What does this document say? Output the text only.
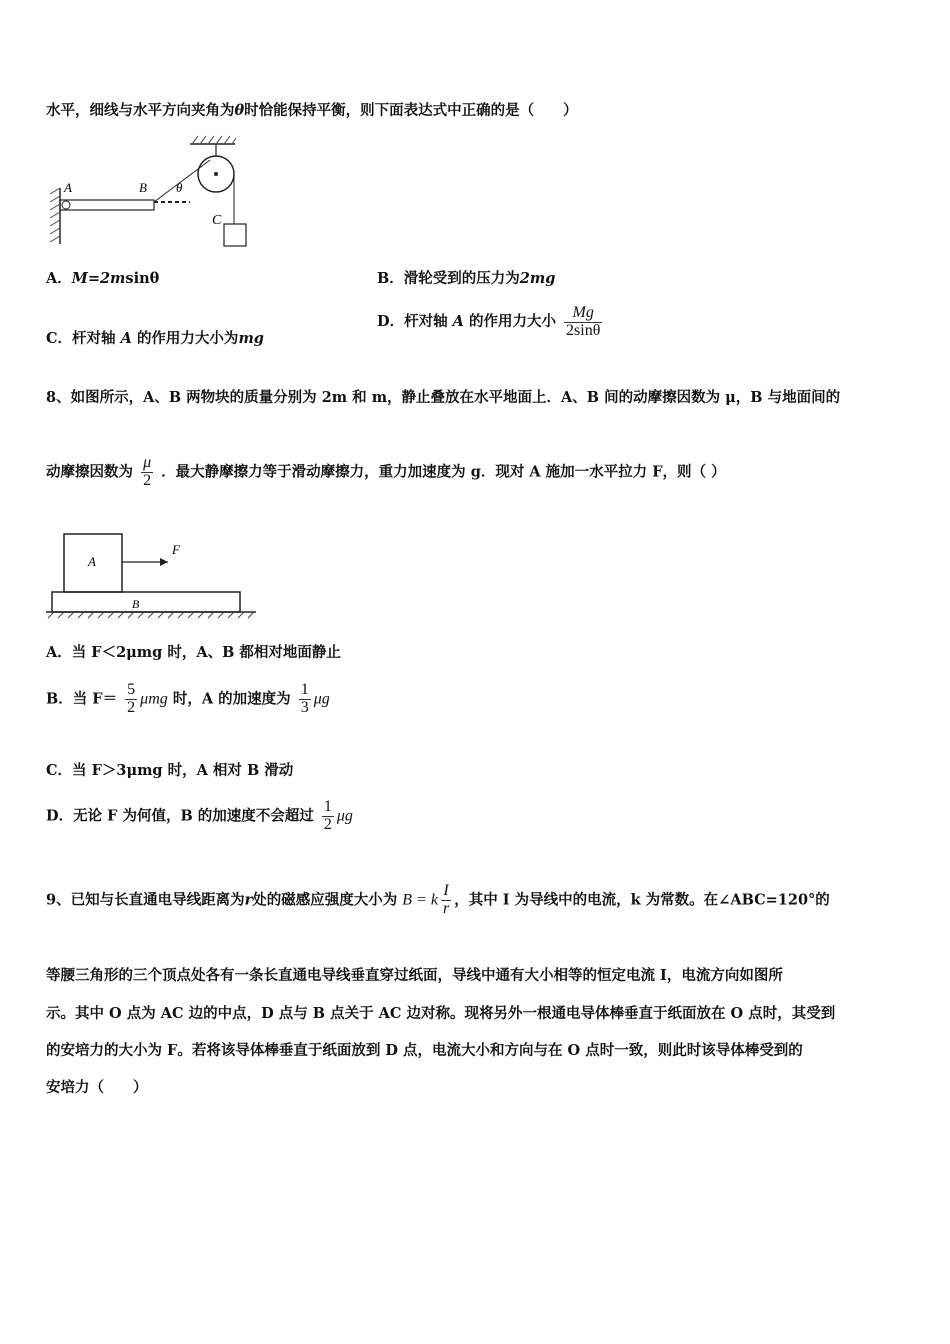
水平，细线与水平方向夹角为θ时恰能保持平衡，则下面表达式中正确的是（　　）
A	B θ
C
A．M=2msinθ	B．滑轮受到的压力为2mg
C．杆对轴 A 的作用力大小为mg
D．杆对轴 A 的作用力大小 $\frac{Mg}{2\sin\theta}$
8、如图所示，A、B 两物块的质量分别为 2m 和 m，静止叠放在水平地面上．A、B 间的动摩擦因数为 μ，B 与地面间的
动摩擦因数为 $\frac{\mu}{2}$ ．最大静摩擦力等于滑动摩擦力，重力加速度为 g．现对 A 施加一水平拉力 F，则（ ）
A
B
F
A．当 F＜2μmg 时，A、B 都相对地面静止
B．当 $F= \frac{5}{2}$ μmg 时，A 的加速度为 $\frac{1}{3}$ μg
C．当 F＞3μmg 时，A 相对 B 滑动
D．无论 F 为何值，B 的加速度不会超过 $\frac{1}{2}$ μg
9、已知与长直通电导线距离为r处的磁感应强度大小为 B = k $\frac{I}{r}$ ，其中 I 为导线中的电流，k 为常数。在∠ABC=120°的
等腰三角形的三个顶点处各有一条长直通电导线垂直穿过纸面，导线中通有大小相等的恒定电流 I，电流方向如图所
示。其中 O 点为 AC 边的中点，D 点与 B 点关于 AC 边对称。现将另外一根通电导体棒垂直于纸面放在 O 点时，其受到
的安培力的大小为 F。若将该导体棒垂直于纸面放到 D 点，电流大小和方向与在 O 点时一致，则此时该导体棒受到的
安培力（　　）
